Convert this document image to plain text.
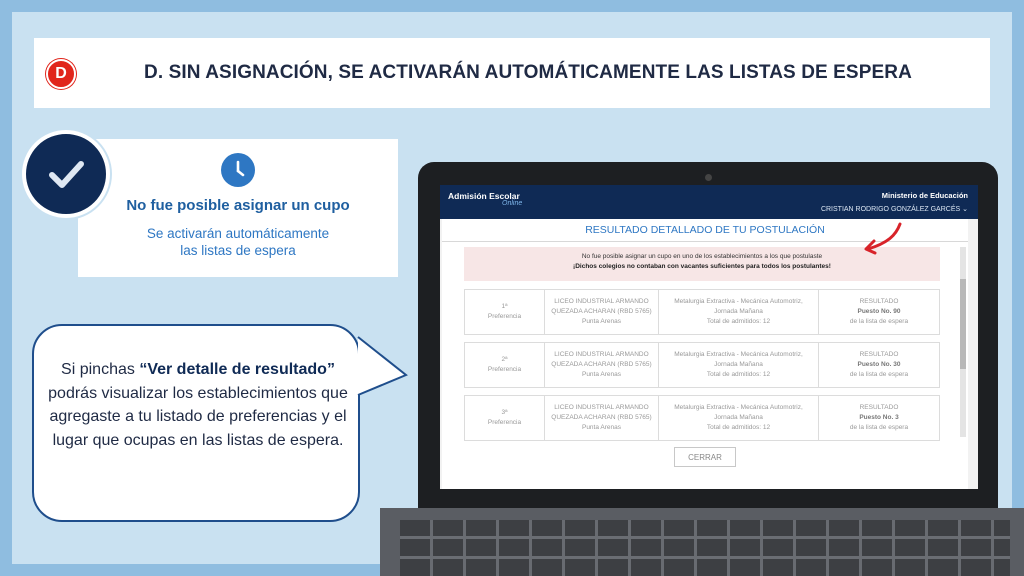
D	D. SIN ASIGNACIÓN, SE ACTIVARÁN AUTOMÁTICAMENTE LAS LISTAS DE ESPERA
No fue posible asignar un cupo
Se activarán automáticamente
las listas de espera
Si pinchas “Ver detalle de resultado” podrás visualizar los establecimientos que agregaste a tu listado de preferencias y el lugar que ocupas en las listas de espera.
Admisión Escolar
Online
Ministerio de Educación
CRISTIAN RODRIGO GONZÁLEZ GARCÉS ⌄
RESULTADO DETALLADO DE TU POSTULACIÓN
No fue posible asignar un cupo en uno de los establecimientos a los que postulaste
¡Dichos colegios no contaban con vacantes suficientes para todos los postulantes!
1ª
Preferencia
LICEO INDUSTRIAL ARMANDO
QUEZADA ACHARAN (RBD 5765)
Punta Arenas
Metalurgia Extractiva - Mecánica Automotriz,
Jornada Mañana
Total de admitidos: 12
RESULTADO
Puesto No. 90
de la lista de espera
2ª
Preferencia
LICEO INDUSTRIAL ARMANDO
QUEZADA ACHARAN (RBD 5765)
Punta Arenas
Metalurgia Extractiva - Mecánica Automotriz,
Jornada Mañana
Total de admitidos: 12
RESULTADO
Puesto No. 30
de la lista de espera
3ª
Preferencia
LICEO INDUSTRIAL ARMANDO
QUEZADA ACHARAN (RBD 5765)
Punta Arenas
Metalurgia Extractiva - Mecánica Automotriz,
Jornada Mañana
Total de admitidos: 12
RESULTADO
Puesto No. 3
de la lista de espera
CERRAR
